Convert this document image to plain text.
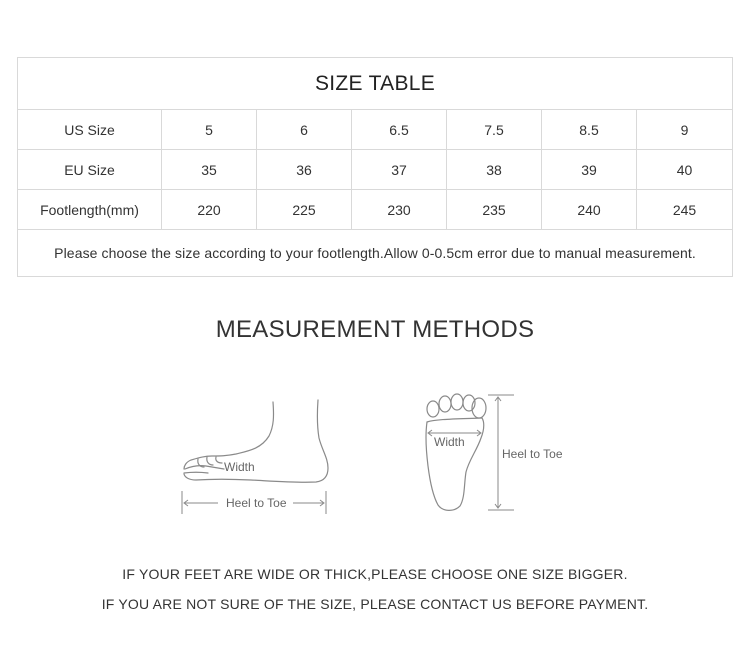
SIZE TABLE						
US Size	5	6	6.5	7.5	8.5	9
EU Size	35	36	37	38	39	40
Footlength(mm)	220	225	230	235	240	245
Please choose the size according to your footlength.Allow 0-0.5cm error due to manual measurement.						
MEASUREMENT METHODS
Width
Heel to Toe
Width
Heel to Toe
IF YOUR FEET ARE WIDE OR THICK,PLEASE CHOOSE ONE SIZE BIGGER.
IF YOU ARE NOT SURE OF THE SIZE, PLEASE CONTACT US BEFORE PAYMENT.
